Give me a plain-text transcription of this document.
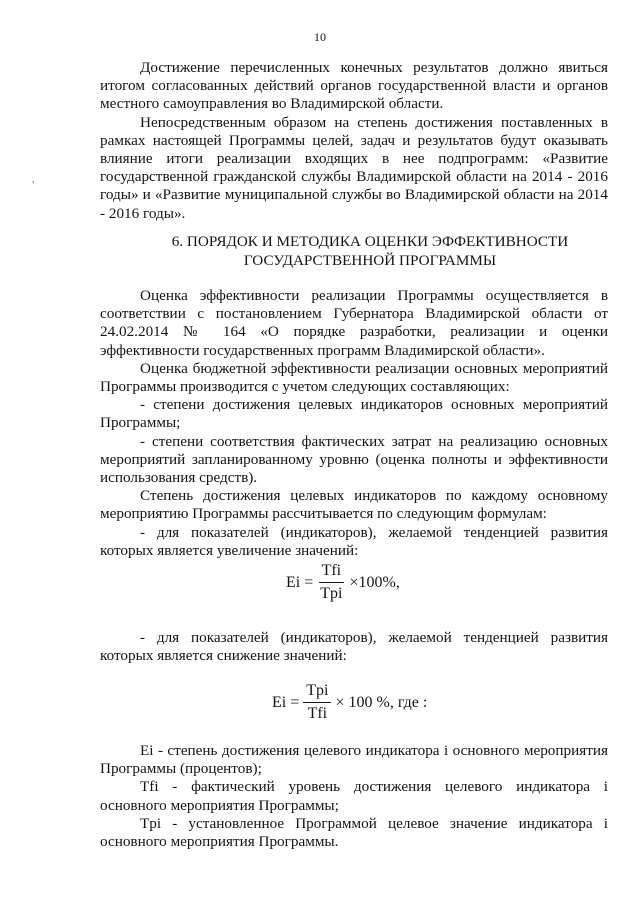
10
,

Достижение перечисленных конечных результатов должно явиться итогом согласованных действий органов государственной власти и органов местного самоуправления во Владимирской области.

Непосредственным образом на степень достижения поставленных в рамках настоящей Программы целей, задач и результатов будут оказывать влияние итоги реализации входящих в нее подпрограмм: «Развитие государственной гражданской службы Владимирской области на 2014 - 2016 годы» и «Развитие муниципальной службы во Владимирской области на 2014 - 2016 годы».

6. ПОРЯДОК И МЕТОДИКА ОЦЕНКИ ЭФФЕКТИВНОСТИ
ГОСУДАРСТВЕННОЙ ПРОГРАММЫ

Оценка эффективности реализации Программы осуществляется в соответствии с постановлением Губернатора Владимирской области от 24.02.2014 № 164 «О порядке разработки, реализации и оценки эффективности государственных программ Владимирской области».

Оценка бюджетной эффективности реализации основных мероприятий Программы производится с учетом следующих составляющих:

- степени достижения целевых индикаторов основных мероприятий Программы;

- степени соответствия фактических затрат на реализацию основных мероприятий запланированному уровню (оценка полноты и эффективности использования средств).

Степень достижения целевых индикаторов по каждому основному мероприятию Программы рассчитывается по следующим формулам:

- для показателей (индикаторов), желаемой тенденцией развития которых является увеличение значений:

$Ei = \frac{\text{Tfi}}{\text{Tpi}} \times 100\%$,

- для показателей (индикаторов), желаемой тенденцией развития которых является снижение значений:

$Ei = \frac{\text{Tpi}}{\text{Tfi}} \times 100$ %, где :

Ei - степень достижения целевого индикатора i основного мероприятия Программы (процентов);

Tfi - фактический уровень достижения целевого индикатора i основного мероприятия Программы;

Tpi - установленное Программой целевое значение индикатора i основного мероприятия Программы.
